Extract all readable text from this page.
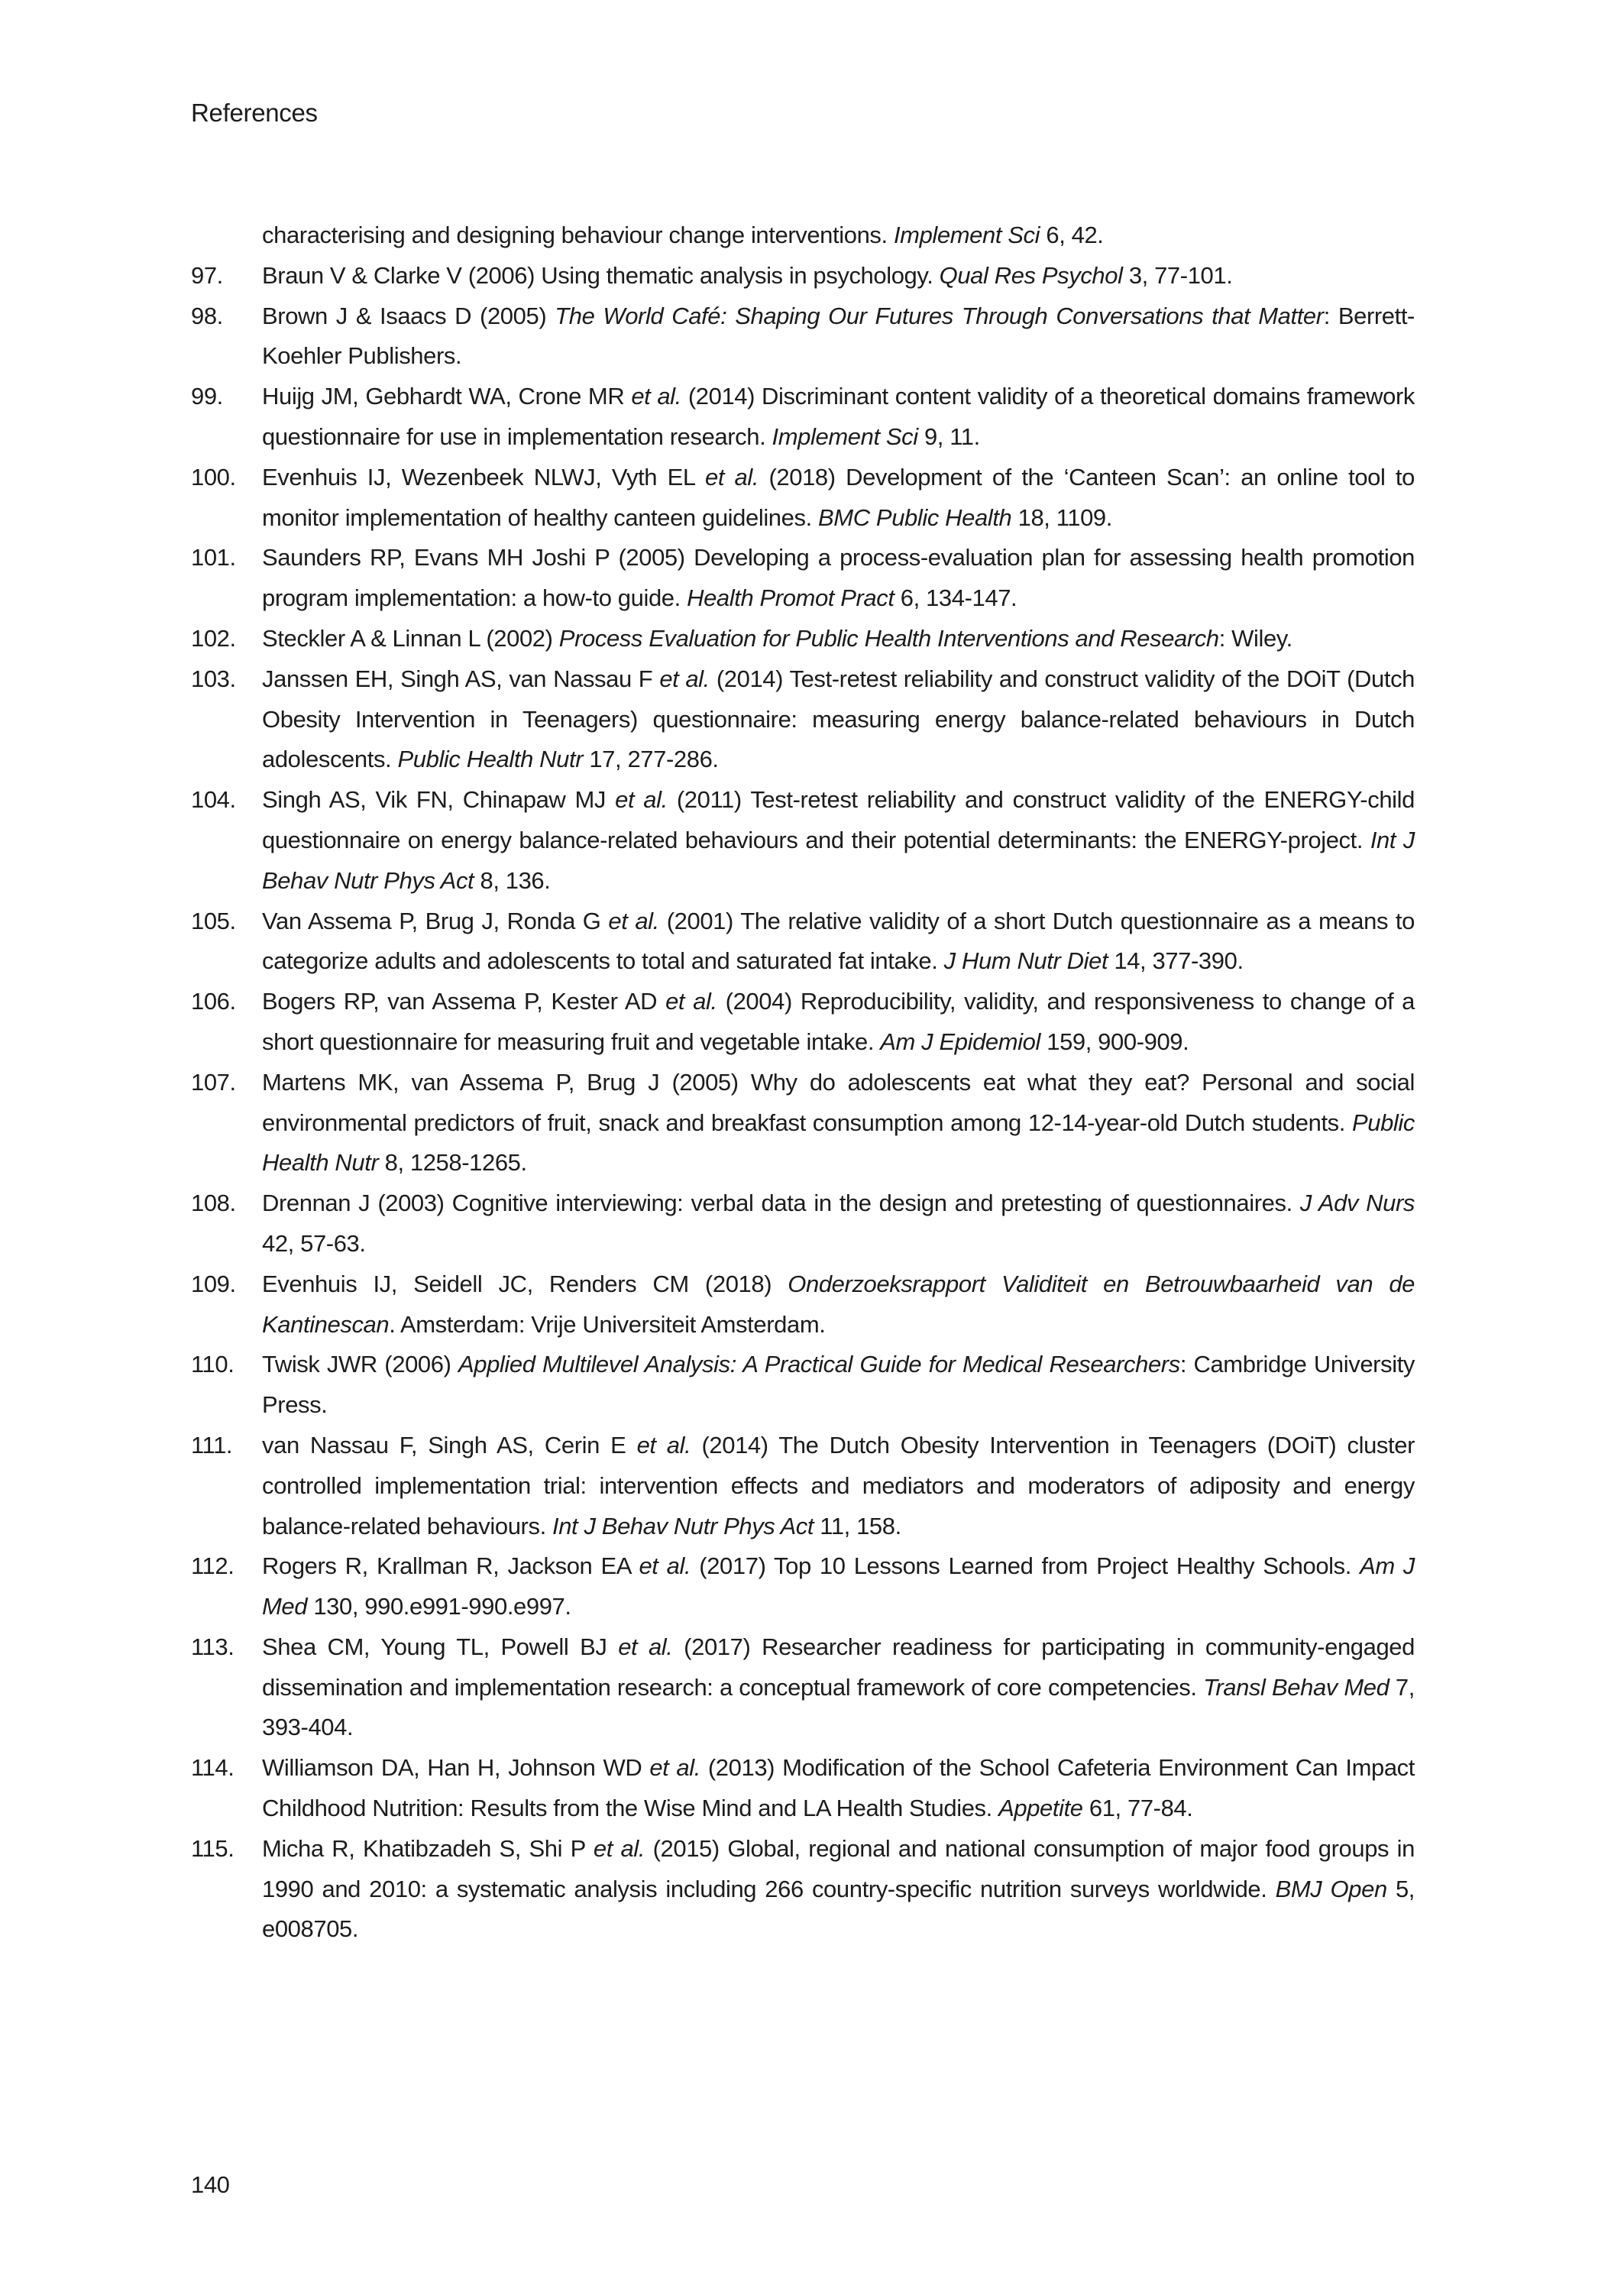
References
characterising and designing behaviour change interventions. Implement Sci 6, 42.
97. Braun V & Clarke V (2006) Using thematic analysis in psychology. Qual Res Psychol 3, 77-101.
98. Brown J & Isaacs D (2005) The World Café: Shaping Our Futures Through Conversations that Matter: Berrett-Koehler Publishers.
99. Huijg JM, Gebhardt WA, Crone MR et al. (2014) Discriminant content validity of a theoretical domains framework questionnaire for use in implementation research. Implement Sci 9, 11.
100. Evenhuis IJ, Wezenbeek NLWJ, Vyth EL et al. (2018) Development of the ‘Canteen Scan’: an online tool to monitor implementation of healthy canteen guidelines. BMC Public Health 18, 1109.
101. Saunders RP, Evans MH Joshi P (2005) Developing a process-evaluation plan for assessing health promotion program implementation: a how-to guide. Health Promot Pract 6, 134-147.
102. Steckler A & Linnan L (2002) Process Evaluation for Public Health Interventions and Research: Wiley.
103. Janssen EH, Singh AS, van Nassau F et al. (2014) Test-retest reliability and construct validity of the DOiT (Dutch Obesity Intervention in Teenagers) questionnaire: measuring energy balance-related behaviours in Dutch adolescents. Public Health Nutr 17, 277-286.
104. Singh AS, Vik FN, Chinapaw MJ et al. (2011) Test-retest reliability and construct validity of the ENERGY-child questionnaire on energy balance-related behaviours and their potential determinants: the ENERGY-project. Int J Behav Nutr Phys Act 8, 136.
105. Van Assema P, Brug J, Ronda G et al. (2001) The relative validity of a short Dutch questionnaire as a means to categorize adults and adolescents to total and saturated fat intake. J Hum Nutr Diet 14, 377-390.
106. Bogers RP, van Assema P, Kester AD et al. (2004) Reproducibility, validity, and responsiveness to change of a short questionnaire for measuring fruit and vegetable intake. Am J Epidemiol 159, 900-909.
107. Martens MK, van Assema P, Brug J (2005) Why do adolescents eat what they eat? Personal and social environmental predictors of fruit, snack and breakfast consumption among 12-14-year-old Dutch students. Public Health Nutr 8, 1258-1265.
108. Drennan J (2003) Cognitive interviewing: verbal data in the design and pretesting of questionnaires. J Adv Nurs 42, 57-63.
109. Evenhuis IJ, Seidell JC, Renders CM (2018) Onderzoeksrapport Validiteit en Betrouwbaarheid van de Kantinescan. Amsterdam: Vrije Universiteit Amsterdam.
110. Twisk JWR (2006) Applied Multilevel Analysis: A Practical Guide for Medical Researchers: Cambridge University Press.
111. van Nassau F, Singh AS, Cerin E et al. (2014) The Dutch Obesity Intervention in Teenagers (DOiT) cluster controlled implementation trial: intervention effects and mediators and moderators of adiposity and energy balance-related behaviours. Int J Behav Nutr Phys Act 11, 158.
112. Rogers R, Krallman R, Jackson EA et al. (2017) Top 10 Lessons Learned from Project Healthy Schools. Am J Med 130, 990.e991-990.e997.
113. Shea CM, Young TL, Powell BJ et al. (2017) Researcher readiness for participating in community-engaged dissemination and implementation research: a conceptual framework of core competencies. Transl Behav Med 7, 393-404.
114. Williamson DA, Han H, Johnson WD et al. (2013) Modification of the School Cafeteria Environment Can Impact Childhood Nutrition: Results from the Wise Mind and LA Health Studies. Appetite 61, 77-84.
115. Micha R, Khatibzadeh S, Shi P et al. (2015) Global, regional and national consumption of major food groups in 1990 and 2010: a systematic analysis including 266 country-specific nutrition surveys worldwide. BMJ Open 5, e008705.
140
